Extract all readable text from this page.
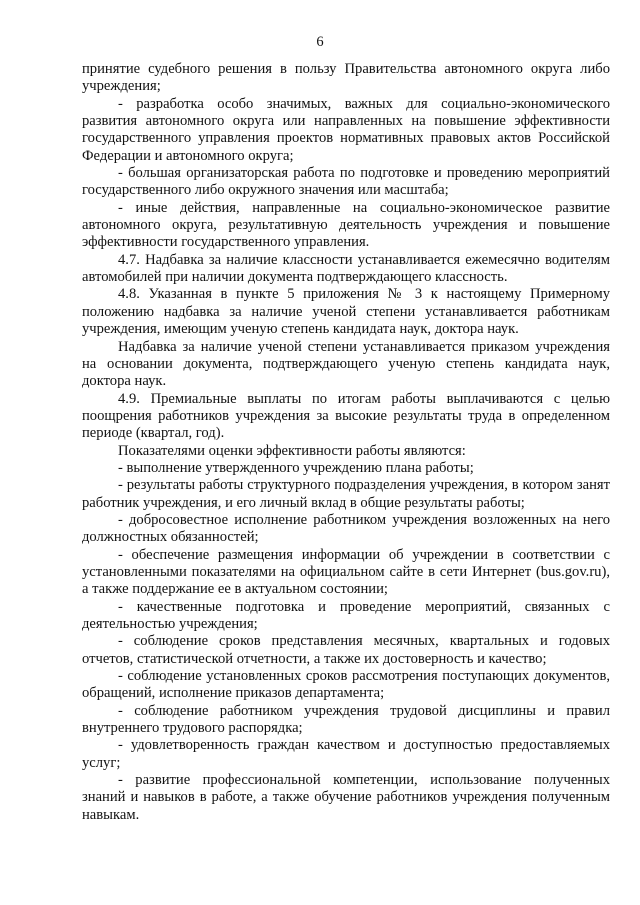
6

принятие судебного решения в пользу Правительства автономного округа либо учреждения;

- разработка особо значимых, важных для социально-экономического развития автономного округа или направленных на повышение эффективности государственного управления проектов нормативных правовых актов Российской Федерации и автономного округа;

- большая организаторская работа по подготовке и проведению мероприятий государственного либо окружного значения или масштаба;

- иные действия, направленные на социально-экономическое развитие автономного округа, результативную деятельность учреждения и повышение эффективности государственного управления.

4.7. Надбавка за наличие классности устанавливается ежемесячно водителям автомобилей при наличии документа подтверждающего классность.

4.8. Указанная в пункте 5 приложения № 3 к настоящему Примерному положению надбавка за наличие ученой степени устанавливается работникам учреждения, имеющим ученую степень кандидата наук, доктора наук.

Надбавка за наличие ученой степени устанавливается приказом учреждения на основании документа, подтверждающего ученую степень кандидата наук, доктора наук.

4.9. Премиальные выплаты по итогам работы выплачиваются с целью поощрения работников учреждения за высокие результаты труда в определенном периоде (квартал, год).

Показателями оценки эффективности работы являются:

- выполнение утвержденного учреждению плана работы;

- результаты работы структурного подразделения учреждения, в котором занят работник учреждения, и его личный вклад в общие результаты работы;

- добросовестное исполнение работником учреждения возложенных на него должностных обязанностей;

- обеспечение размещения информации об учреждении в соответствии с установленными показателями на официальном сайте в сети Интернет (bus.gov.ru), а также поддержание ее в актуальном состоянии;

- качественные подготовка и проведение мероприятий, связанных с деятельностью учреждения;

- соблюдение сроков представления месячных, квартальных и годовых отчетов, статистической отчетности, а также их достоверность и качество;

- соблюдение установленных сроков рассмотрения поступающих документов, обращений, исполнение приказов департамента;

- соблюдение работником учреждения трудовой дисциплины и правил внутреннего трудового распорядка;

- удовлетворенность граждан качеством и доступностью предоставляемых услуг;

- развитие профессиональной компетенции, использование полученных знаний и навыков в работе, а также обучение работников учреждения полученным навыкам.
